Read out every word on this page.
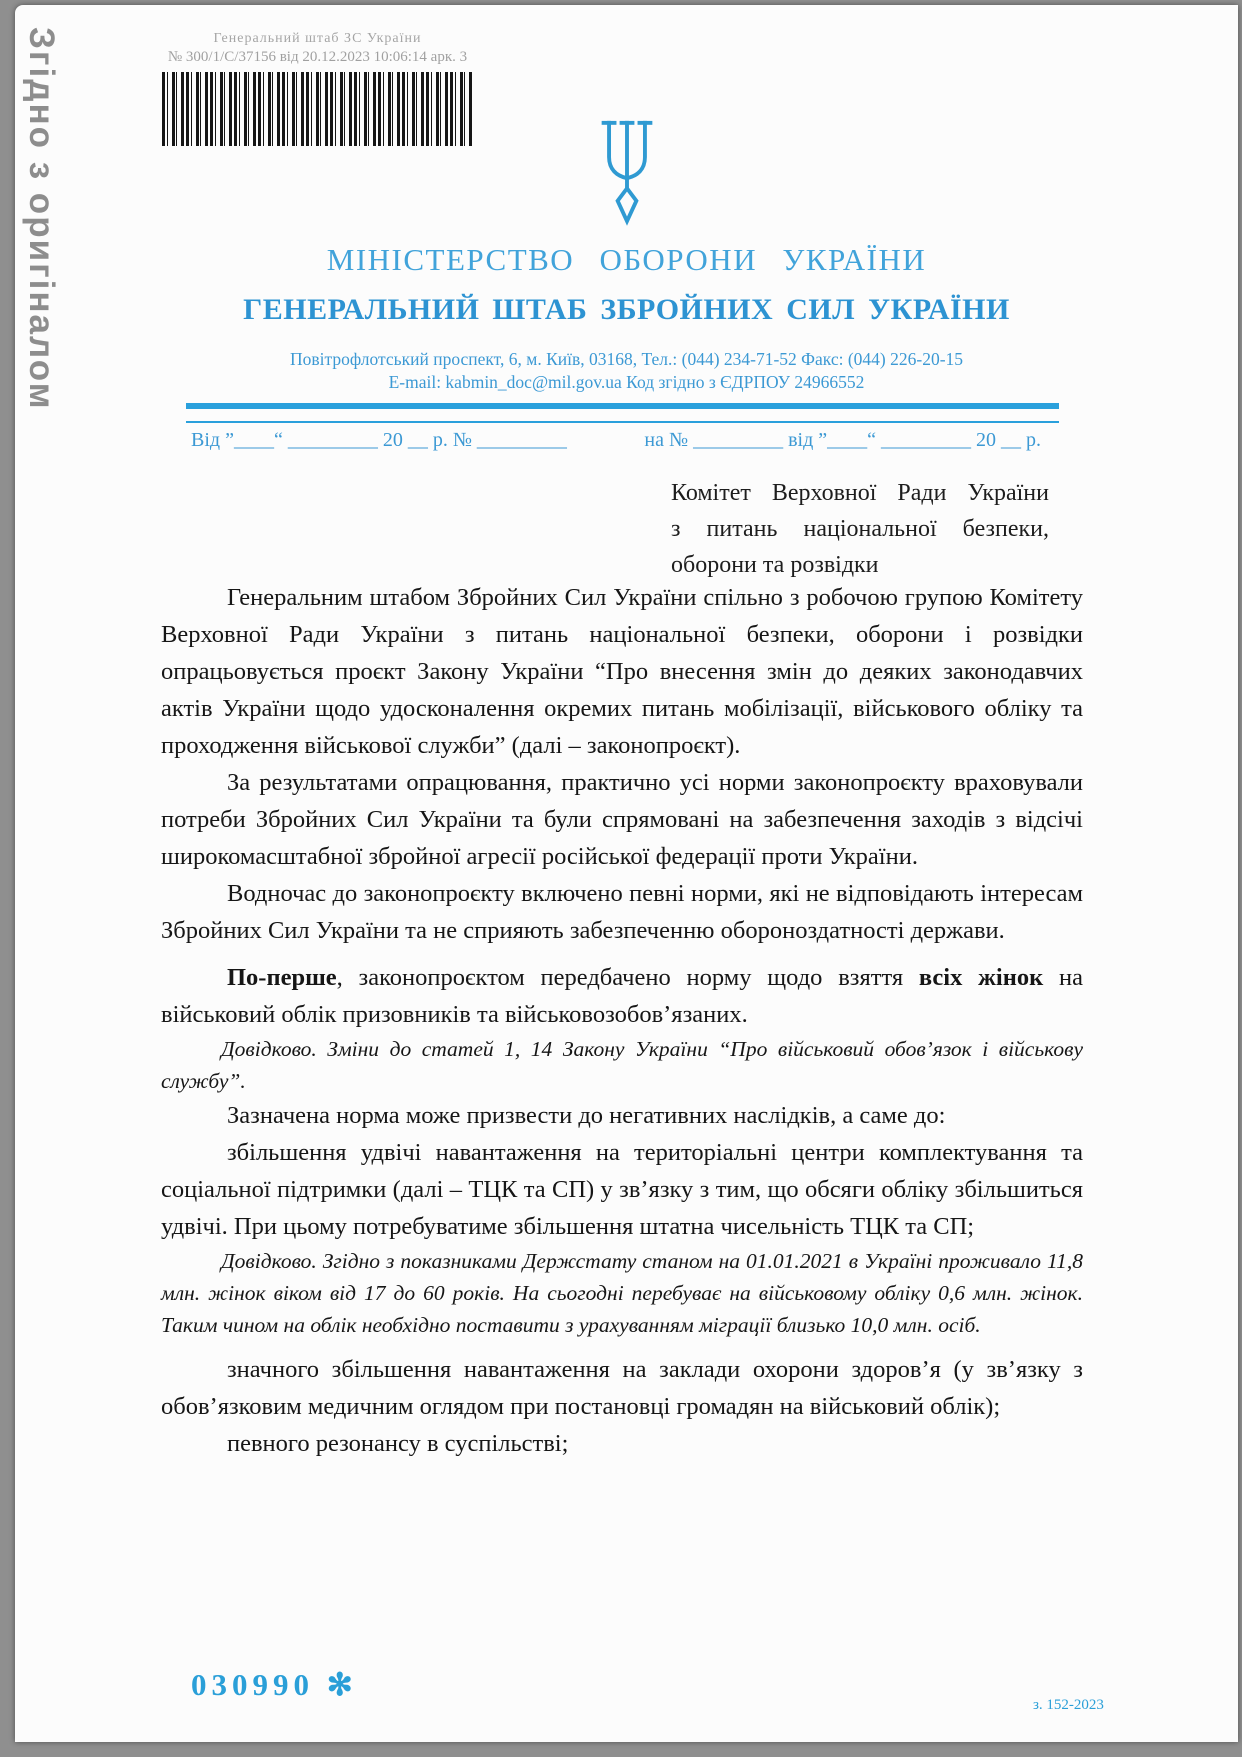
Згідно з оригіналом	Генеральний штаб ЗС України
№ 300/1/С/37156 від 20.12.2023 10:06:14 арк. 3
МІНІСТЕРСТВО ОБОРОНИ УКРАЇНИ
ГЕНЕРАЛЬНИЙ ШТАБ ЗБРОЙНИХ СИЛ УКРАЇНИ
Повітрофлотський проспект, 6, м. Київ, 03168, Тел.: (044) 234-71-52 Факс: (044) 226-20-15
E-mail: kabmin_doc@mil.gov.ua Код згідно з ЄДРПОУ 24966552
Від ”____“ _________ 20 __ р. № _________	на № _________ від ”____“ _________ 20 __ р.
Комітет Верховної Ради України
з питань національної безпеки,
оборони та розвідки

Генеральним штабом Збройних Сил України спільно з робочою групою Комітету Верховної Ради України з питань національної безпеки, оборони і розвідки опрацьовується проєкт Закону України “Про внесення змін до деяких законодавчих актів України щодо удосконалення окремих питань мобілізації, військового обліку та проходження військової служби” (далі – законопроєкт).

За результатами опрацювання, практично усі норми законопроєкту враховували потреби Збройних Сил України та були спрямовані на забезпечення заходів з відсічі широкомасштабної збройної агресії російської федерації проти України.

Водночас до законопроєкту включено певні норми, які не відповідають інтересам Збройних Сил України та не сприяють забезпеченню обороноздатності держави.

По-перше, законопроєктом передбачено норму щодо взяття всіх жінок на військовий облік призовників та військовозобов’язаних.

Довідково. Зміни до статей 1, 14 Закону України “Про військовий обов’язок і військову службу”.

Зазначена норма може призвести до негативних наслідків, а саме до:

збільшення удвічі навантаження на територіальні центри комплектування та соціальної підтримки (далі – ТЦК та СП) у зв’язку з тим, що обсяги обліку збільшиться удвічі. При цьому потребуватиме збільшення штатна чисельність ТЦК та СП;

Довідково. Згідно з показниками Держстату станом на 01.01.2021 в Україні проживало 11,8 млн. жінок віком від 17 до 60 років. На сьогодні перебуває на військовому обліку 0,6 млн. жінок. Таким чином на облік необхідно поставити з урахуванням міграції близько 10,0 млн. осіб.

значного збільшення навантаження на заклади охорони здоров’я (у зв’язку з обов’язковим медичним оглядом при постановці громадян на військовий облік);

певного резонансу в суспільстві;

030990 ✻
з. 152-2023
